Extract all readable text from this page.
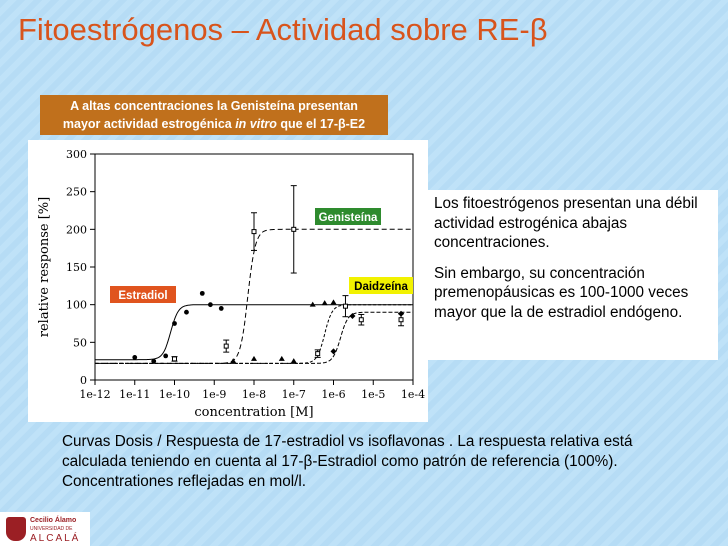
Fitoestrógenos – Actividad sobre RE-β
A altas concentraciones la Genisteína presentan
mayor actividad estrogénica in vitro que el 17-β-E2
0
50
100
150
200
250
300
1e-12 1e-11 1e-10 1e-9 1e-8 1e-7 1e-6 1e-5 1e-4
concentration [M]
relative response [%]	Estradiol
Genisteína
Daidzeína

Los fitoestrógenos presentan una débil actividad estrogénica abajas concentraciones.

Sin embargo, su concentración premenopáusicas es 100-1000 veces mayor que la de estradiol endógeno.

Curvas Dosis / Respuesta de 17-estradiol vs isoflavonas . La respuesta relativa está calculada teniendo en cuenta al 17-β-Estradiol como patrón de referencia (100%). Concentrationes reflejadas en mol/l.
Cecilio Álamo
UNIVERSIDAD DE
ALCALÁ
